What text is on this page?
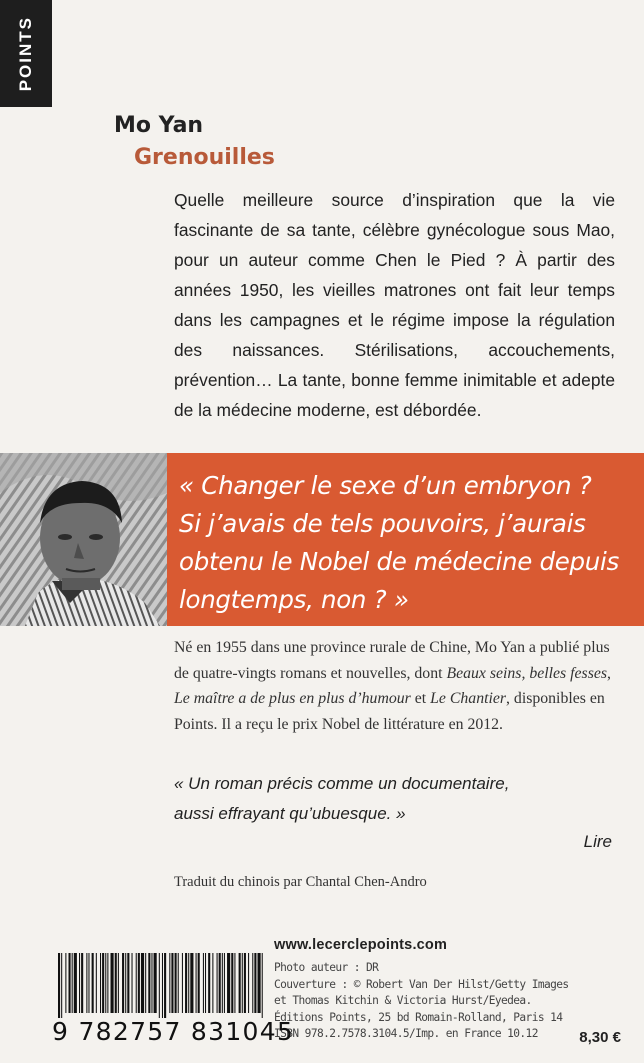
POINTS
Mo Yan
Grenouilles

Quelle meilleure source d’inspiration que la vie fascinante de sa tante, célèbre gynécologue sous Mao, pour un auteur comme Chen le Pied ? À partir des années 1950, les vieilles matrones ont fait leur temps dans les campagnes et le régime impose la régulation des naissances. Stérilisations, accouchements, prévention… La tante, bonne femme inimitable et adepte de la médecine moderne, est débordée.

« Changer le sexe d’un embryon ?
Si j’avais de tels pouvoirs, j’aurais
obtenu le Nobel de médecine depuis
longtemps, non ? »

Né en 1955 dans une province rurale de Chine, Mo Yan a publié plus de quatre-vingts romans et nouvelles, dont Beaux seins, belles fesses, Le maître a de plus en plus d’humour et Le Chantier, disponibles en Points. Il a reçu le prix Nobel de littérature en 2012.

« Un roman précis comme un documentaire,
aussi effrayant qu’ubuesque. »

Lire
Traduit du chinois par Chantal Chen-Andro
www.lecerclepoints.com

Photo auteur : DR
Couverture : © Robert Van Der Hilst/Getty Images
et Thomas Kitchin & Victoria Hurst/Eyedea.
Éditions Points, 25 bd Romain-Rolland, Paris 14
ISBN 978.2.7578.3104.5/Imp. en France 10.12

9 782757 831045	8,30 €
